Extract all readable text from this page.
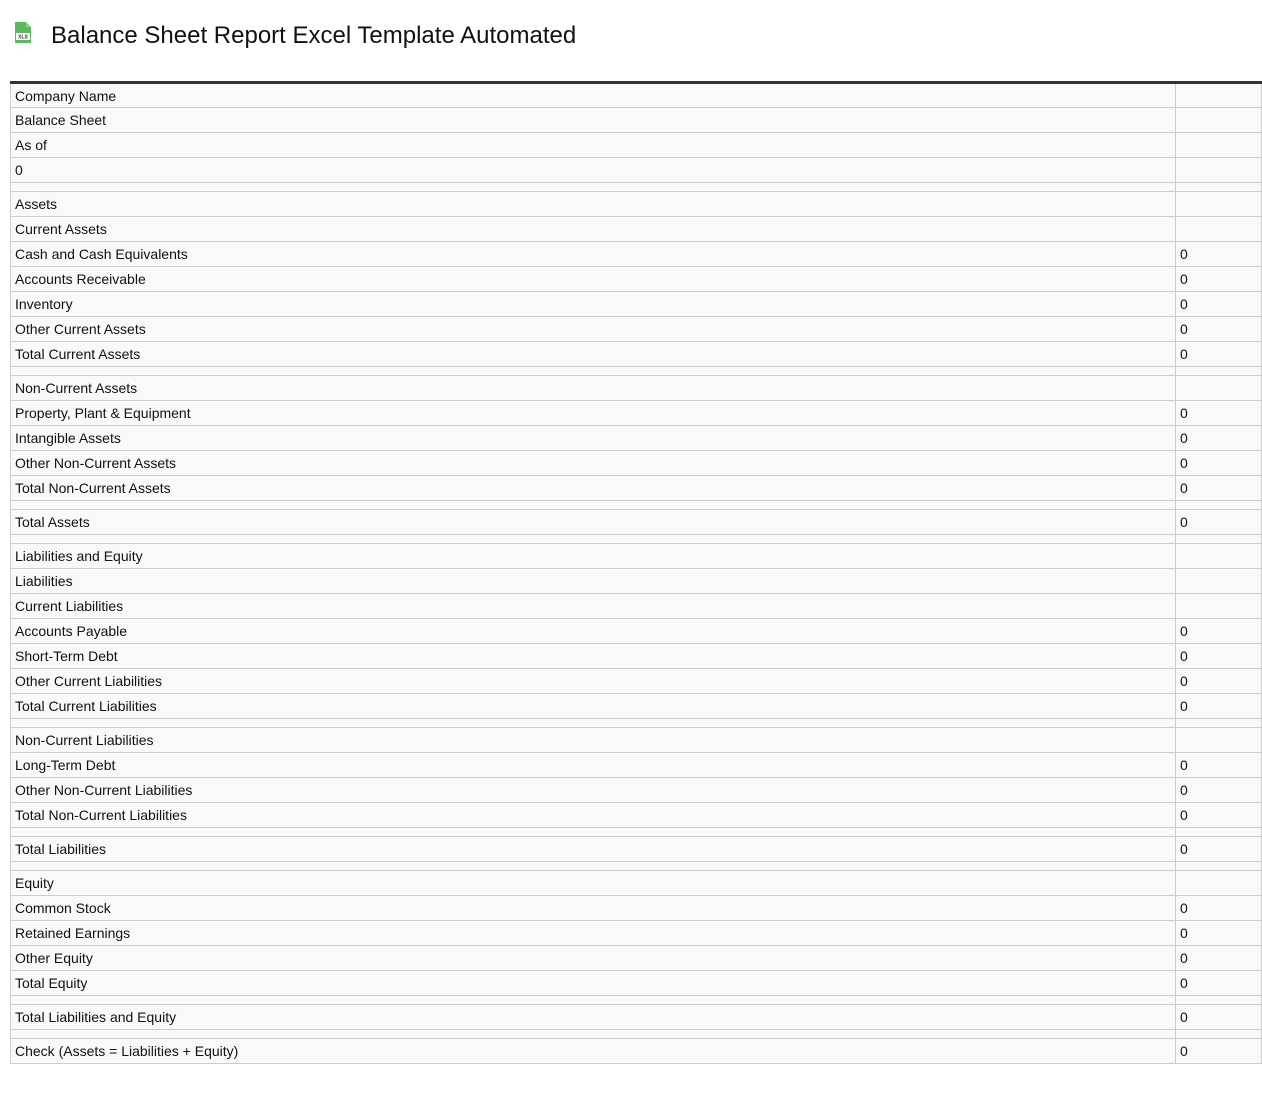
XLS Balance Sheet Report Excel Template Automated
Company Name	
Balance Sheet	
As of	
0	

Assets	
Current Assets	
Cash and Cash Equivalents	0
Accounts Receivable	0
Inventory	0
Other Current Assets	0
Total Current Assets	0

Non-Current Assets	
Property, Plant & Equipment	0
Intangible Assets	0
Other Non-Current Assets	0
Total Non-Current Assets	0

Total Assets	0

Liabilities and Equity	
Liabilities	
Current Liabilities	
Accounts Payable	0
Short-Term Debt	0
Other Current Liabilities	0
Total Current Liabilities	0

Non-Current Liabilities	
Long-Term Debt	0
Other Non-Current Liabilities	0
Total Non-Current Liabilities	0

Total Liabilities	0

Equity	
Common Stock	0
Retained Earnings	0
Other Equity	0
Total Equity	0

Total Liabilities and Equity	0

Check (Assets = Liabilities + Equity)	0
